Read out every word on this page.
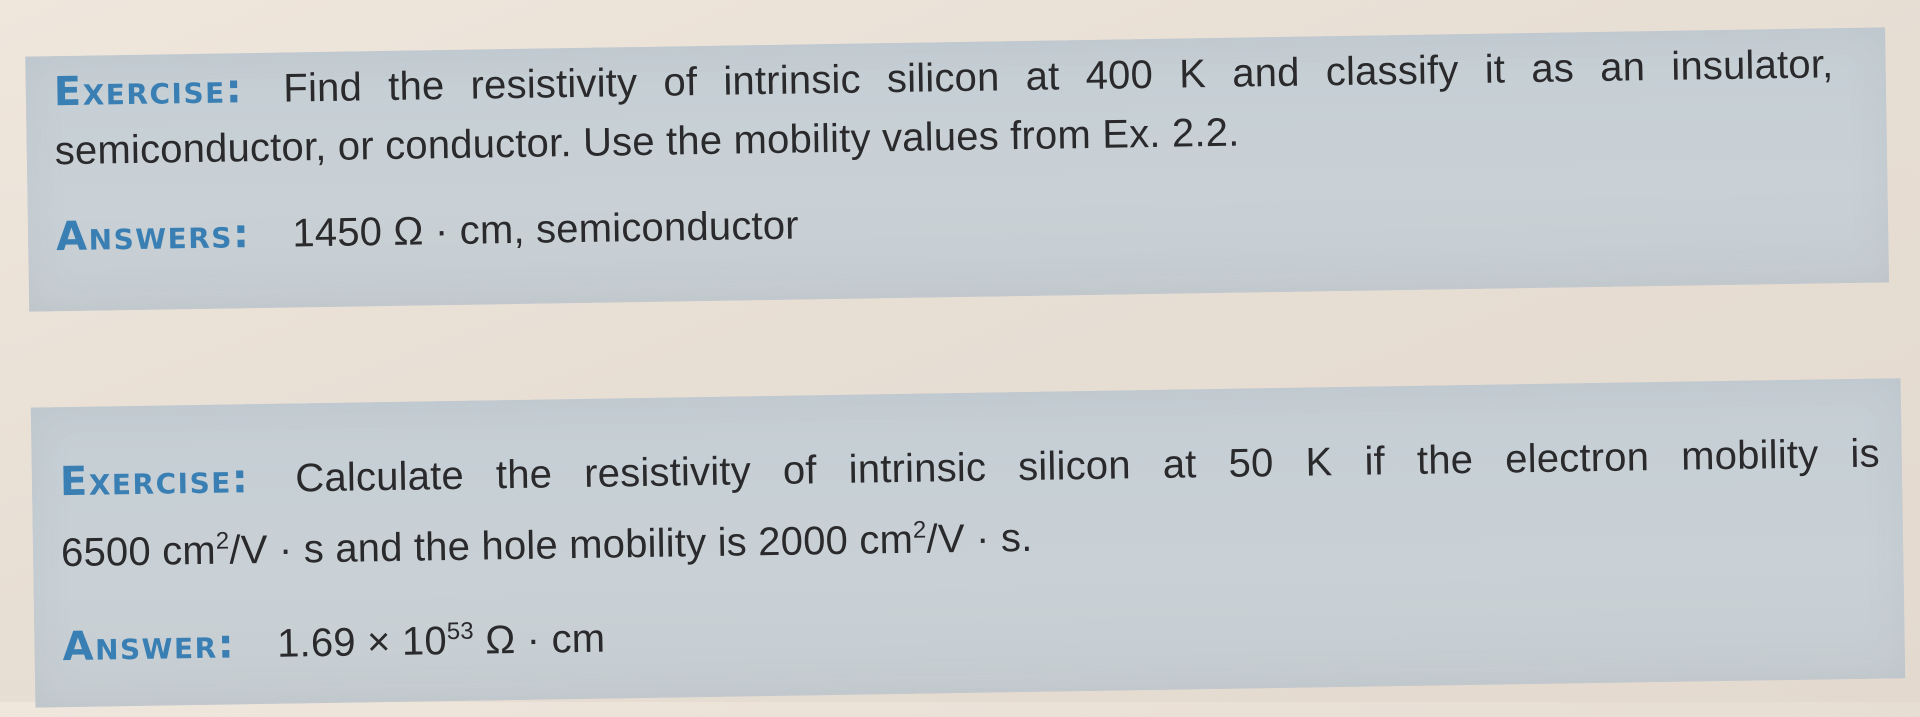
Exercise: Find the resistivity of intrinsic silicon at 400 K and classify it as an insulator,
semiconductor, or conductor. Use the mobility values from Ex. 2.2.
Answers: 1450 Ω · cm, semiconductor
Exercise: Calculate the resistivity of intrinsic silicon at 50 K if the electron mobility is
6500 $cm^2/V \cdot s$ and the hole mobility is 2000 $cm^2/V \cdot s$.
Answer: $1.69 \times 10^{53}$ Ω · cm
